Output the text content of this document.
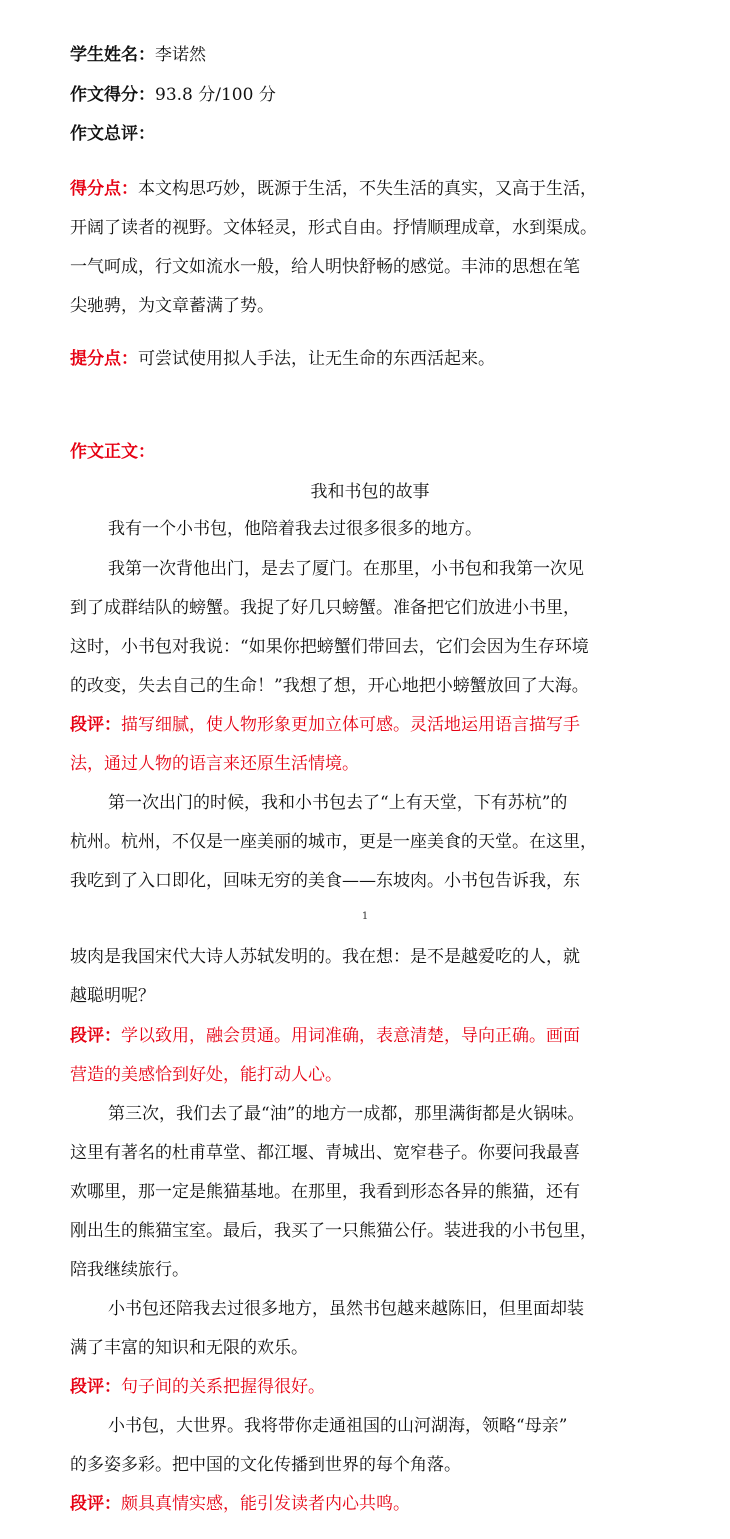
学生姓名：李诺然
作文得分：93.8 分/100 分
作文总评：
得分点：本文构思巧妙，既源于生活，不失生活的真实，又高于生活，
开阔了读者的视野。文体轻灵，形式自由。抒情顺理成章，水到渠成。
一气呵成，行文如流水一般，给人明快舒畅的感觉。丰沛的思想在笔
尖驰骋，为文章蓄满了势。
提分点：可尝试使用拟人手法，让无生命的东西活起来。
作文正文：
我和书包的故事
我有一个小书包，他陪着我去过很多很多的地方。
我第一次背他出门，是去了厦门。在那里，小书包和我第一次见
到了成群结队的螃蟹。我捉了好几只螃蟹。准备把它们放进小书里，
这时，小书包对我说：“如果你把螃蟹们带回去，它们会因为生存环境
的改变，失去自己的生命！”我想了想，开心地把小螃蟹放回了大海。
段评：描写细腻，使人物形象更加立体可感。灵活地运用语言描写手
法，通过人物的语言来还原生活情境。
第一次出门的时候，我和小书包去了“上有天堂，下有苏杭”的
杭州。杭州，不仅是一座美丽的城市，更是一座美食的天堂。在这里，
我吃到了入口即化，回味无穷的美食——东坡肉。小书包告诉我，东
1
坡肉是我国宋代大诗人苏轼发明的。我在想：是不是越爱吃的人，就
越聪明呢？
段评：学以致用，融会贯通。用词准确，表意清楚，导向正确。画面
营造的美感恰到好处，能打动人心。
第三次，我们去了最“油”的地方一成都，那里满街都是火锅味。
这里有著名的杜甫草堂、都江堰、青城出、宽窄巷子。你要问我最喜
欢哪里，那一定是熊猫基地。在那里，我看到形态各异的熊猫，还有
刚出生的熊猫宝室。最后，我买了一只熊猫公仔。装进我的小书包里，
陪我继续旅行。
小书包还陪我去过很多地方，虽然书包越来越陈旧，但里面却装
满了丰富的知识和无限的欢乐。
段评：句子间的关系把握得很好。
小书包，大世界。我将带你走通祖国的山河湖海，领略“母亲”
的多姿多彩。把中国的文化传播到世界的每个角落。
段评：颇具真情实感，能引发读者内心共鸣。
